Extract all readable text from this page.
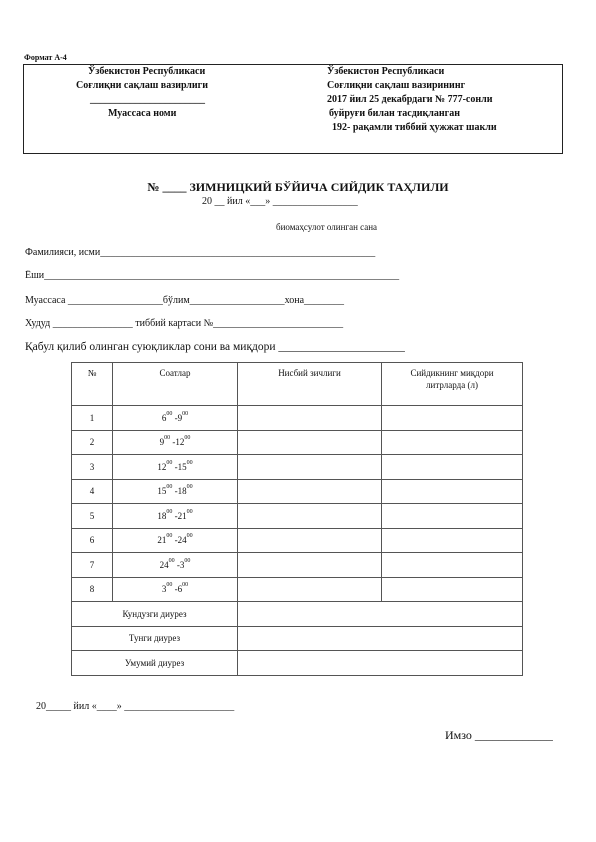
Формат А-4
Ўзбекистон Республикаси
Соғлиқни сақлаш вазирлиги
_______________________
Муассаса номи
Ўзбекистон Республикаси
Соғлиқни сақлаш вазирининг
2017 йил 25 декабрдаги № 777-сонли
буйруғи билан тасдиқланган
192- рақамли тиббий ҳужжат шакли
№ ____ ЗИМНИЦКИЙ БЎЙИЧА СИЙДИК ТАҲЛИЛИ
20 __ йил «___» _________________
биомаҳсулот олинган сана
Фамилияси, исми_______________________________________________________
Ёши_______________________________________________________________________
Муассаса ___________________бўлим___________________хона________
Худуд ________________ тиббий картаси №__________________________
Қабул қилиб олинган суюқликлар сони ва миқдори ______________________
№	Соатлар	Нисбий зичлиги	Сийдикнинг миқдори литрларда (л)

1	$6^{00}$ $-9^{00}$		
2	$9^{00}$ $-12^{00}$		
3	$12^{00}$ $-15^{00}$		
4	$15^{00}$ $-18^{00}$		
5	$18^{00}$ $-21^{00}$		
6	$21^{00}$ $-24^{00}$		
7	$24^{00}$ $-3^{00}$		
8	$3^{00}$ $-6^{00}$		
Кундузги диурез			
Тунги диурез			
Умумий диурез			
20_____ йил «____» ______________________
Имзо _____________
